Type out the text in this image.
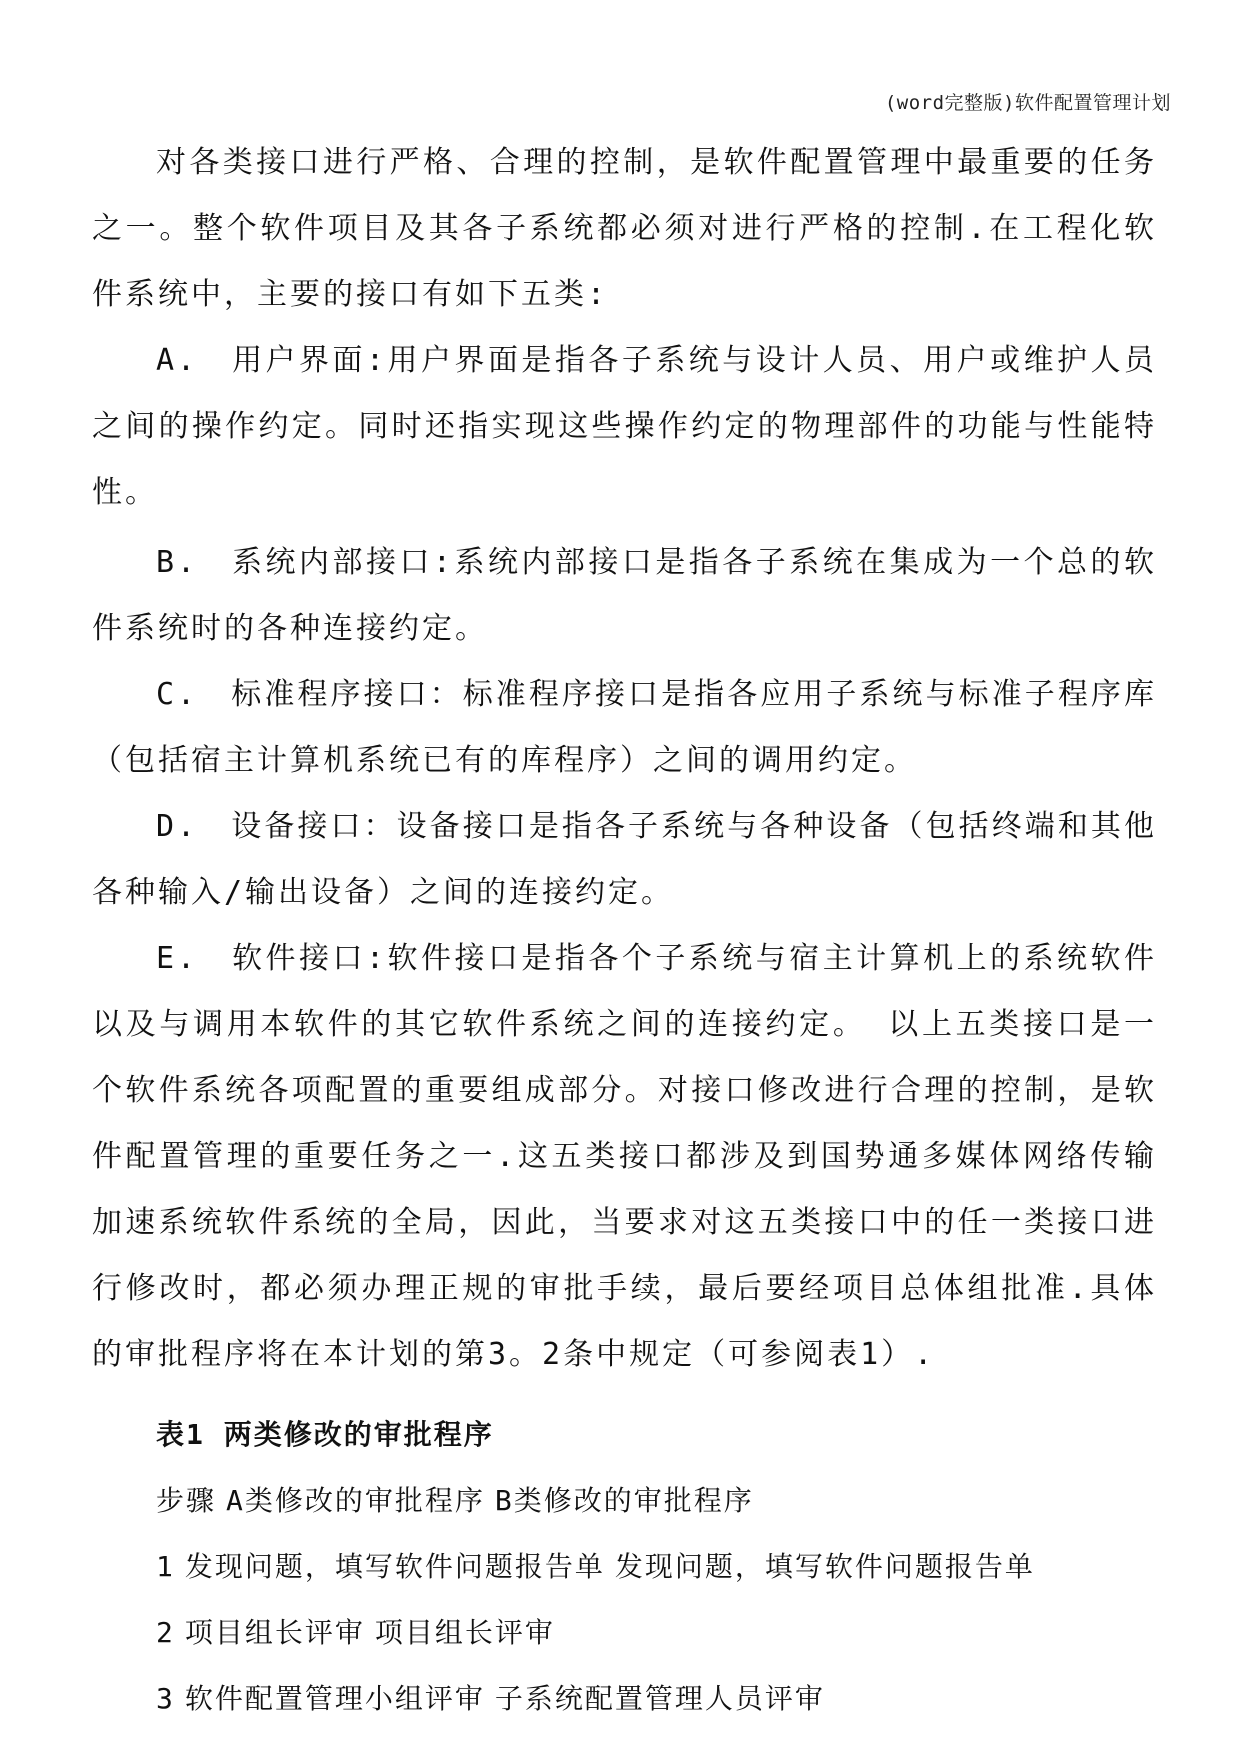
(word完整版)软件配置管理计划

对各类接口进行严格、合理的控制，是软件配置管理中最重要的任务之一。整个软件项目及其各子系统都必须对进行严格的控制.在工程化软件系统中，主要的接口有如下五类:

A.　用户界面:用户界面是指各子系统与设计人员、用户或维护人员之间的操作约定。同时还指实现这些操作约定的物理部件的功能与性能特性。

B.　系统内部接口:系统内部接口是指各子系统在集成为一个总的软件系统时的各种连接约定。

C.　标准程序接口：标准程序接口是指各应用子系统与标准子程序库（包括宿主计算机系统已有的库程序）之间的调用约定。

D.　设备接口：设备接口是指各子系统与各种设备（包括终端和其他各种输入/输出设备）之间的连接约定。

E.　软件接口:软件接口是指各个子系统与宿主计算机上的系统软件以及与调用本软件的其它软件系统之间的连接约定。 以上五类接口是一个软件系统各项配置的重要组成部分。对接口修改进行合理的控制，是软件配置管理的重要任务之一.这五类接口都涉及到国势通多媒体网络传输加速系统软件系统的全局，因此，当要求对这五类接口中的任一类接口进行修改时，都必须办理正规的审批手续，最后要经项目总体组批准.具体的审批程序将在本计划的第3。2条中规定（可参阅表1）.

表1 两类修改的审批程序

步骤 A类修改的审批程序 B类修改的审批程序

1 发现问题，填写软件问题报告单 发现问题，填写软件问题报告单

2 项目组长评审 项目组长评审

3 软件配置管理小组评审 子系统配置管理人员评审
